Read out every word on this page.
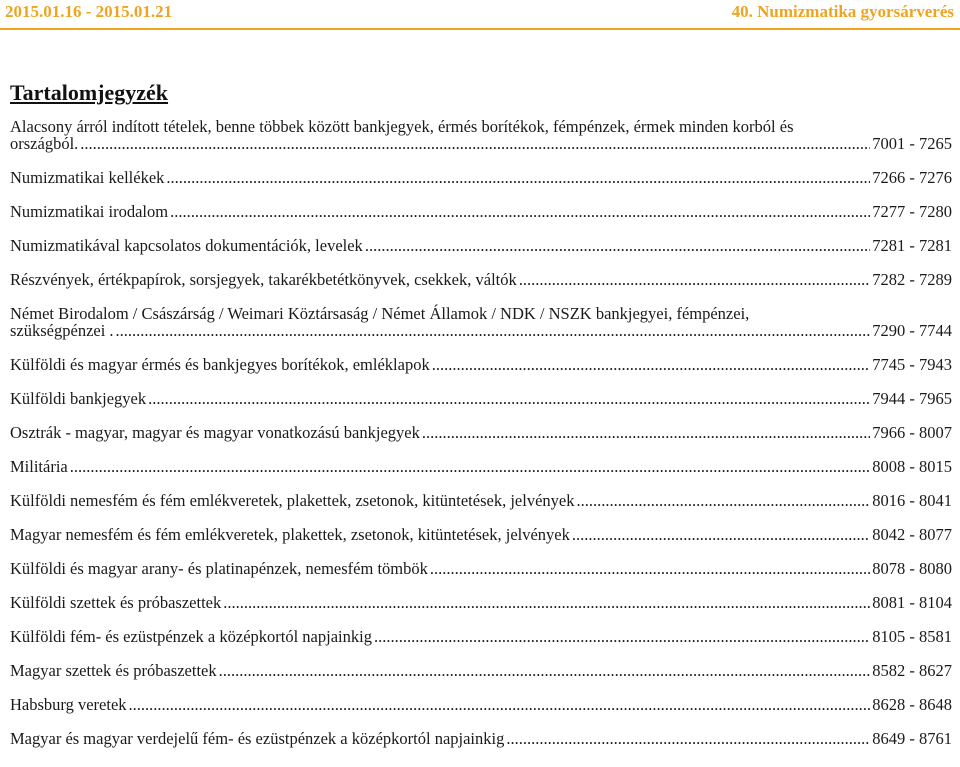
2015.01.16 - 2015.01.21	40. Numizmatika gyorsárverés
Tartalomjegyzék
Alacsony árról indított tételek, benne többek között bankjegyek, érmés borítékok, fémpénzek, érmek minden korból és
országból. .....	7001 - 7265
Numizmatikai kellékek .....	7266 - 7276
Numizmatikai irodalom .....	7277 - 7280
Numizmatikával kapcsolatos dokumentációk, levelek .....	7281 - 7281
Részvények, értékpapírok, sorsjegyek, takarékbetétkönyvek, csekkek, váltók .....	7282 - 7289
Német Birodalom / Császárság / Weimari Köztársaság / Német Államok / NDK / NSZK bankjegyei, fémpénzei,
szükségpénzei . .....	7290 - 7744
Külföldi és magyar érmés és bankjegyes borítékok, emléklapok .....	7745 - 7943
Külföldi bankjegyek .....	7944 - 7965
Osztrák - magyar, magyar és magyar vonatkozású bankjegyek .....	7966 - 8007
Militária .....	8008 - 8015
Külföldi nemesfém és fém emlékveretek, plakettek, zsetonok, kitüntetések, jelvények .....	8016 - 8041
Magyar nemesfém és fém emlékveretek, plakettek, zsetonok, kitüntetések, jelvények .....	8042 - 8077
Külföldi és magyar arany- és platinapénzek, nemesfém tömbök .....	8078 - 8080
Külföldi szettek és próbaszettek .....	8081 - 8104
Külföldi fém- és ezüstpénzek a középkortól napjainkig .....	8105 - 8581
Magyar szettek és próbaszettek .....	8582 - 8627
Habsburg veretek .....	8628 - 8648
Magyar és magyar verdejelű fém- és ezüstpénzek a középkortól napjainkig .....	8649 - 8761
